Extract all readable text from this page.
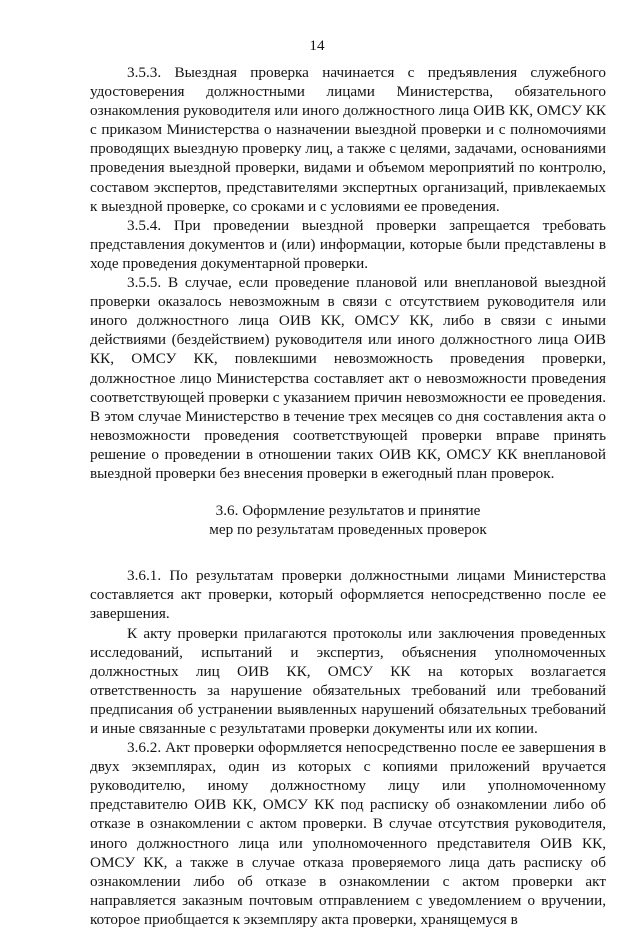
14

3.5.3. Выездная проверка начинается с предъявления служебного удостоверения должностными лицами Министерства, обязательного ознакомления руководителя или иного должностного лица ОИВ КК, ОМСУ КК с приказом Министерства о назначении выездной проверки и с полномочиями проводящих выездную проверку лиц, а также с целями, задачами, основаниями проведения выездной проверки, видами и объемом мероприятий по контролю, составом экспертов, представителями экспертных организаций, привлекаемых к выездной проверке, со сроками и с условиями ее проведения.

3.5.4. При проведении выездной проверки запрещается требовать представления документов и (или) информации, которые были представлены в ходе проведения документарной проверки.

3.5.5. В случае, если проведение плановой или внеплановой выездной проверки оказалось невозможным в связи с отсутствием руководителя или иного должностного лица ОИВ КК, ОМСУ КК, либо в связи с иными действиями (бездействием) руководителя или иного должностного лица ОИВ КК, ОМСУ КК, повлекшими невозможность проведения проверки, должностное лицо Министерства составляет акт о невозможности проведения соответствующей проверки с указанием причин невозможности ее проведения. В этом случае Министерство в течение трех месяцев со дня составления акта о невозможности проведения соответствующей проверки вправе принять решение о проведении в отношении таких ОИВ КК, ОМСУ КК внеплановой выездной проверки без внесения проверки в ежегодный план проверок.

3.6. Оформление результатов и принятие
мер по результатам проведенных проверок

3.6.1. По результатам проверки должностными лицами Министерства составляется акт проверки, который оформляется непосредственно после ее завершения.

К акту проверки прилагаются протоколы или заключения проведенных исследований, испытаний и экспертиз, объяснения уполномоченных должностных лиц ОИВ КК, ОМСУ КК на которых возлагается ответственность за нарушение обязательных требований или требований предписания об устранении выявленных нарушений обязательных требований и иные связанные с результатами проверки документы или их копии.

3.6.2. Акт проверки оформляется непосредственно после ее завершения в двух экземплярах, один из которых с копиями приложений вручается руководителю, иному должностному лицу или уполномоченному представителю ОИВ КК, ОМСУ КК под расписку об ознакомлении либо об отказе в ознакомлении с актом проверки. В случае отсутствия руководителя, иного должностного лица или уполномоченного представителя ОИВ КК, ОМСУ КК, а также в случае отказа проверяемого лица дать расписку об ознакомлении либо об отказе в ознакомлении с актом проверки акт направляется заказным почтовым отправлением с уведомлением о вручении, которое приобщается к экземпляру акта проверки, хранящемуся в
